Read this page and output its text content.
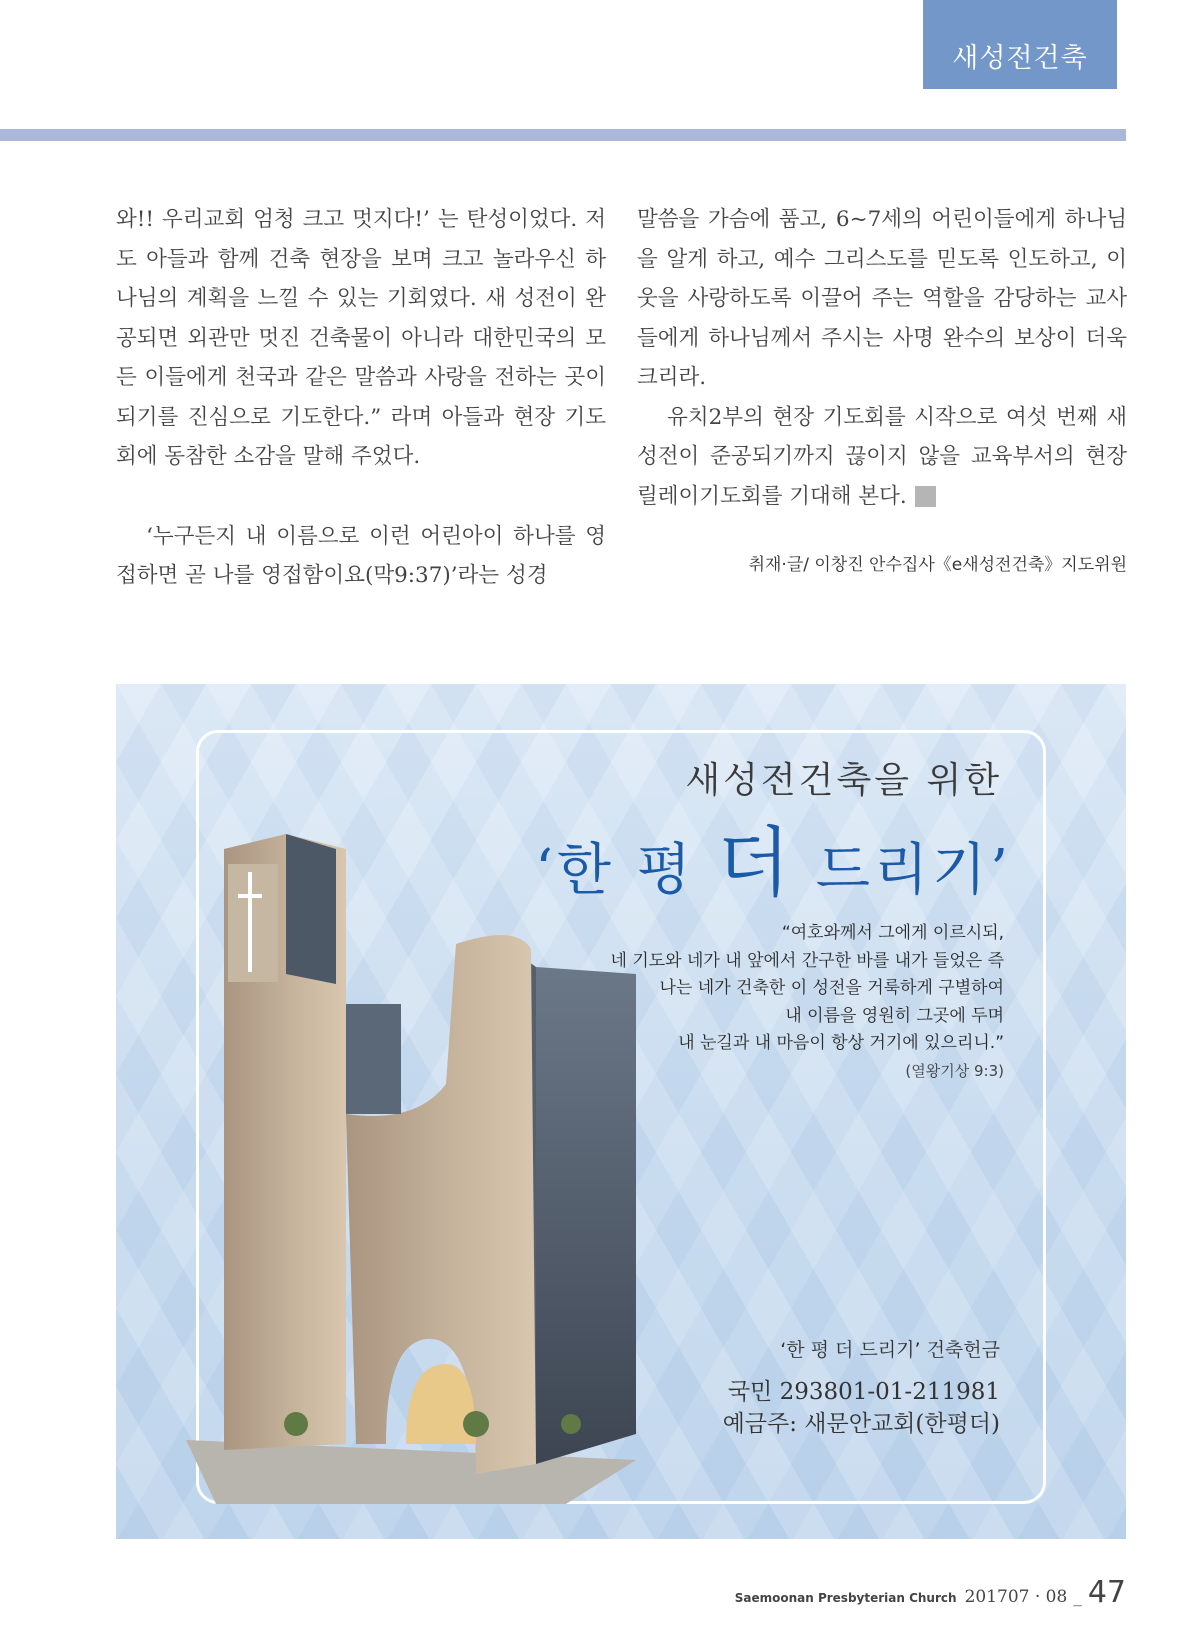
새성전건축

와!! 우리교회 엄청 크고 멋지다!’ 는 탄성이었다. 저도 아들과 함께 건축 현장을 보며 크고 놀라우신 하나님의 계획을 느낄 수 있는 기회였다. 새 성전이 완공되면 외관만 멋진 건축물이 아니라 대한민국의 모든 이들에게 천국과 같은 말씀과 사랑을 전하는 곳이 되기를 진심으로 기도한다.” 라며 아들과 현장 기도회에 동참한 소감을 말해 주었다.

‘누구든지 내 이름으로 이런 어린아이 하나를 영접하면 곧 나를 영접함이요(막9:37)’라는 성경

말씀을 가슴에 품고, 6~7세의 어린이들에게 하나님을 알게 하고, 예수 그리스도를 믿도록 인도하고, 이웃을 사랑하도록 이끌어 주는 역할을 감당하는 교사들에게 하나님께서 주시는 사명 완수의 보상이 더욱 크리라.

유치2부의 현장 기도회를 시작으로 여섯 번째 새 성전이 준공되기까지 끊이지 않을 교육부서의 현장 릴레이기도회를 기대해 본다.	새

취재·글/ 이창진 안수집사《e새성전건축》지도위원
새성전건축을 위한
‘한 평 더 드리기’
“여호와께서 그에게 이르시되,
네 기도와 네가 내 앞에서 간구한 바를 내가 들었은 즉
나는 네가 건축한 이 성전을 거룩하게 구별하여
내 이름을 영원히 그곳에 두며
내 눈길과 내 마음이 항상 거기에 있으리니.”
(열왕기상 9:3)
‘한 평 더 드리기’ 건축헌금
국민 293801-01-211981
예금주: 새문안교회(한평더)
Saemoonan Presbyterian Church 201707 · 08 _ 47
